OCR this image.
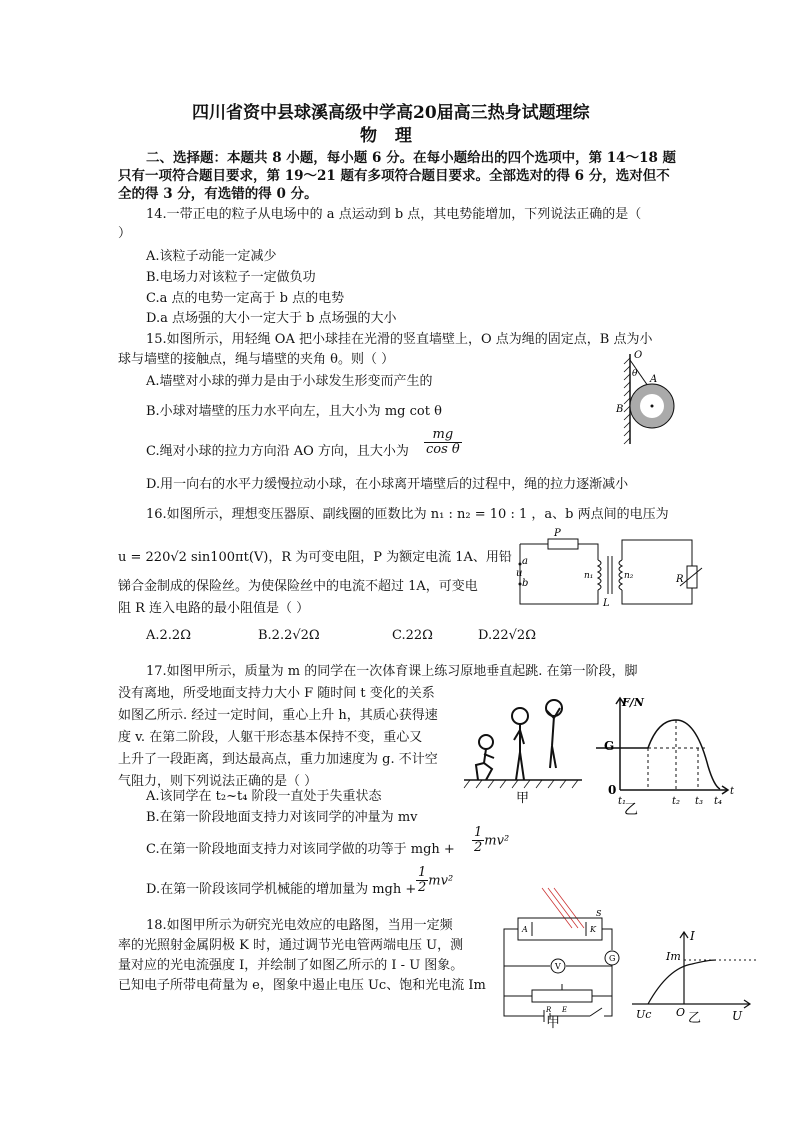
四川省资中县球溪高级中学高20届高三热身试题理综
物 理
二、选择题：本题共 8 小题，每小题 6 分。在每小题给出的四个选项中，第 14～18 题
只有一项符合题目要求，第 19～21 题有多项符合题目要求。全部选对的得 6 分，选对但不
全的得 3 分，有选错的得 0 分。
14.一带正电的粒子从电场中的 a 点运动到 b 点，其电势能增加，下列说法正确的是（
）
A.该粒子动能一定减少
B.电场力对该粒子一定做负功
C.a 点的电势一定高于 b 点的电势
D.a 点场强的大小一定大于 b 点场强的大小
15.如图所示，用轻绳 OA 把小球挂在光滑的竖直墙壁上，O 点为绳的固定点，B 点为小
球与墙壁的接触点，绳与墙壁的夹角 θ。则（ ）
A.墙壁对小球的弹力是由于小球发生形变而产生的
B.小球对墙壁的压力水平向左，且大小为 mg cot θ
C.绳对小球的拉力方向沿 AO 方向，且大小为 $\frac{mg}{\text{cos θ}}$
D.用一向右的水平力缓慢拉动小球，在小球离开墙壁后的过程中，绳的拉力逐渐减小
O
θ A
B
16.如图所示，理想变压器原、副线圈的匝数比为 n₁ : n₂ = 10 : 1 ，a、b 两点间的电压为
u = 220√2 sin100πt(V)，R 为可变电阻，P 为额定电流 1A、用铅
锑合金制成的保险丝。为使保险丝中的电流不超过 1A，可变电
阻 R 连入电路的最小阻值是（ ）
A.2.2Ω	B.2.2√2Ω	C.22Ω	D.22√2Ω
P
a
u
b
n₁	n₂
L
R
17.如图甲所示，质量为 m 的同学在一次体育课上练习原地垂直起跳. 在第一阶段，脚
没有离地，所受地面支持力大小 F 随时间 t 变化的关系
如图乙所示. 经过一定时间，重心上升 h，其质心获得速
度 v. 在第二阶段，人躯干形态基本保持不变，重心又
上升了一段距离，到达最高点，重力加速度为 g. 不计空
气阻力，则下列说法正确的是（ ）
A.该同学在 t₂~t₄ 阶段一直处于失重状态
B.在第一阶段地面支持力对该同学的冲量为 mv
C.在第一阶段地面支持力对该同学做的功等于 mgh + $\frac{1}{2} mv^2$
D.在第一阶段该同学机械能的增加量为 mgh + $\frac{1}{2} mv^2$
甲
F/N
G
0
t₁	t₂ t₃ t₄
t
乙
18.如图甲所示为研究光电效应的电路图，当用一定频
率的光照射金属阴极 K 时，通过调节光电管两端电压 U，测
量对应的光电流强度 I，并绘制了如图乙所示的 I - U 图象。
已知电子所带电荷量为 e，图象中遏止电压 Uc、饱和光电流 Im
A	K
S
G
V
R E
甲
I
Im
Uc O	U
乙
